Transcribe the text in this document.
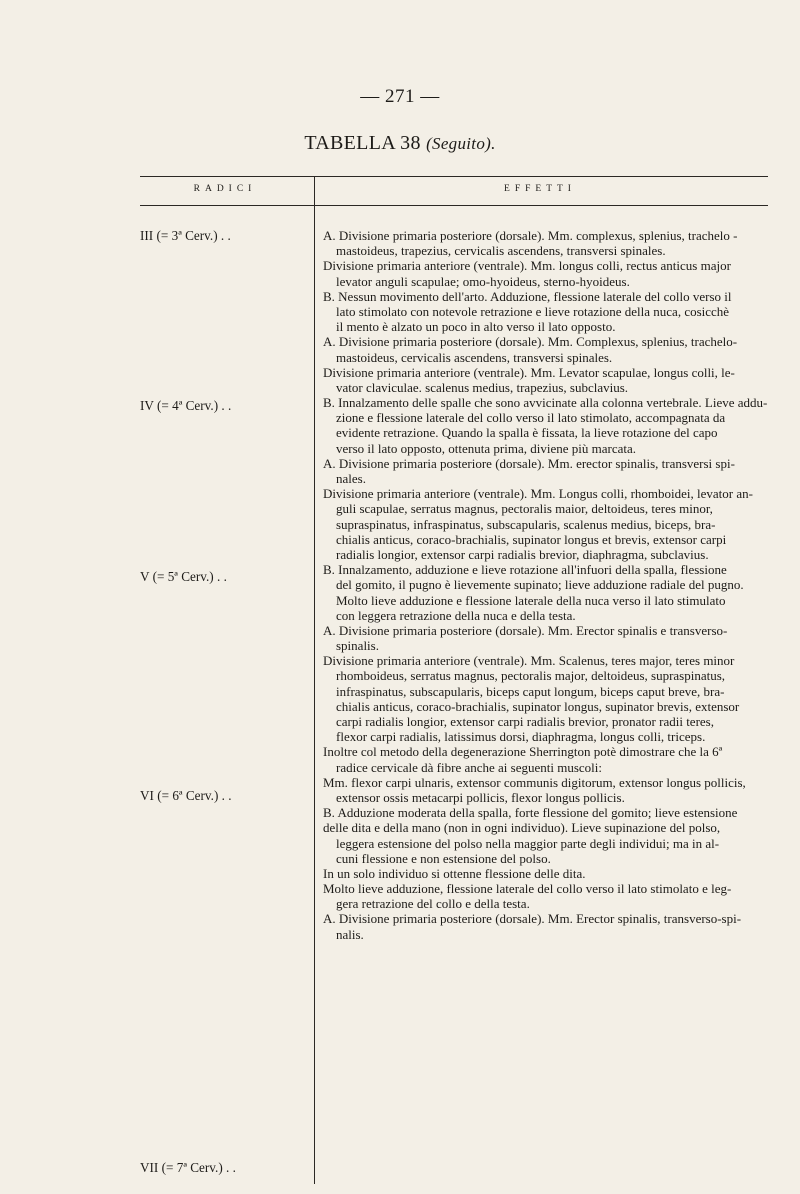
— 271 —
TABELLA 38 (Seguito).
RADICI	EFFETTI
III (= 3ª Cerv.) . .
IV (= 4ª Cerv.) . .
V (= 5ª Cerv.) . .
VI (= 6ª Cerv.) . .
VII (= 7ª Cerv.) . .
A. Divisione primaria posteriore (dorsale). Mm. complexus, splenius, trachelo -
mastoideus, trapezius, cervicalis ascendens, transversi spinales.
Divisione primaria anteriore (ventrale). Mm. longus colli, rectus anticus major
levator anguli scapulae; omo-hyoideus, sterno-hyoideus.
B. Nessun movimento dell'arto. Adduzione, flessione laterale del collo verso il
lato stimolato con notevole retrazione e lieve rotazione della nuca, cosicchè
il mento è alzato un poco in alto verso il lato opposto.
A. Divisione primaria posteriore (dorsale). Mm. Complexus, splenius, trachelo-
mastoideus, cervicalis ascendens, transversi spinales.
Divisione primaria anteriore (ventrale). Mm. Levator scapulae, longus colli, le-
vator claviculae. scalenus medius, trapezius, subclavius.
B. Innalzamento delle spalle che sono avvicinate alla colonna vertebrale. Lieve addu-
zione e flessione laterale del collo verso il lato stimolato, accompagnata da
evidente retrazione. Quando la spalla è fissata, la lieve rotazione del capo
verso il lato opposto, ottenuta prima, diviene più marcata.
A. Divisione primaria posteriore (dorsale). Mm. erector spinalis, transversi spi-
nales.
Divisione primaria anteriore (ventrale). Mm. Longus colli, rhomboidei, levator an-
guli scapulae, serratus magnus, pectoralis maior, deltoideus, teres minor,
supraspinatus, infraspinatus, subscapularis, scalenus medius, biceps, bra-
chialis anticus, coraco-brachialis, supinator longus et brevis, extensor carpi
radialis longior, extensor carpi radialis brevior, diaphragma, subclavius.
B. Innalzamento, adduzione e lieve rotazione all'infuori della spalla, flessione
del gomito, il pugno è lievemente supinato; lieve adduzione radiale del pugno.
Molto lieve adduzione e flessione laterale della nuca verso il lato stimulato
con leggera retrazione della nuca e della testa.
A. Divisione primaria posteriore (dorsale). Mm. Erector spinalis e transverso-
spinalis.
Divisione primaria anteriore (ventrale). Mm. Scalenus, teres major, teres minor
rhomboideus, serratus magnus, pectoralis major, deltoideus, supraspinatus,
infraspinatus, subscapularis, biceps caput longum, biceps caput breve, bra-
chialis anticus, coraco-brachialis, supinator longus, supinator brevis, extensor
carpi radialis longior, extensor carpi radialis brevior, pronator radii teres,
flexor carpi radialis, latissimus dorsi, diaphragma, longus colli, triceps.
Inoltre col metodo della degenerazione Sherrington potè dimostrare che la 6ª
radice cervicale dà fibre anche ai seguenti muscoli:
Mm. flexor carpi ulnaris, extensor communis digitorum, extensor longus pollicis,
extensor ossis metacarpi pollicis, flexor longus pollicis.
B. Adduzione moderata della spalla, forte flessione del gomito; lieve estensione
delle dita e della mano (non in ogni individuo). Lieve supinazione del polso,
leggera estensione del polso nella maggior parte degli individui; ma in al-
cuni flessione e non estensione del polso.
In un solo individuo si ottenne flessione delle dita.
Molto lieve adduzione, flessione laterale del collo verso il lato stimolato e leg-
gera retrazione del collo e della testa.
A. Divisione primaria posteriore (dorsale). Mm. Erector spinalis, transverso-spi-
nalis.
